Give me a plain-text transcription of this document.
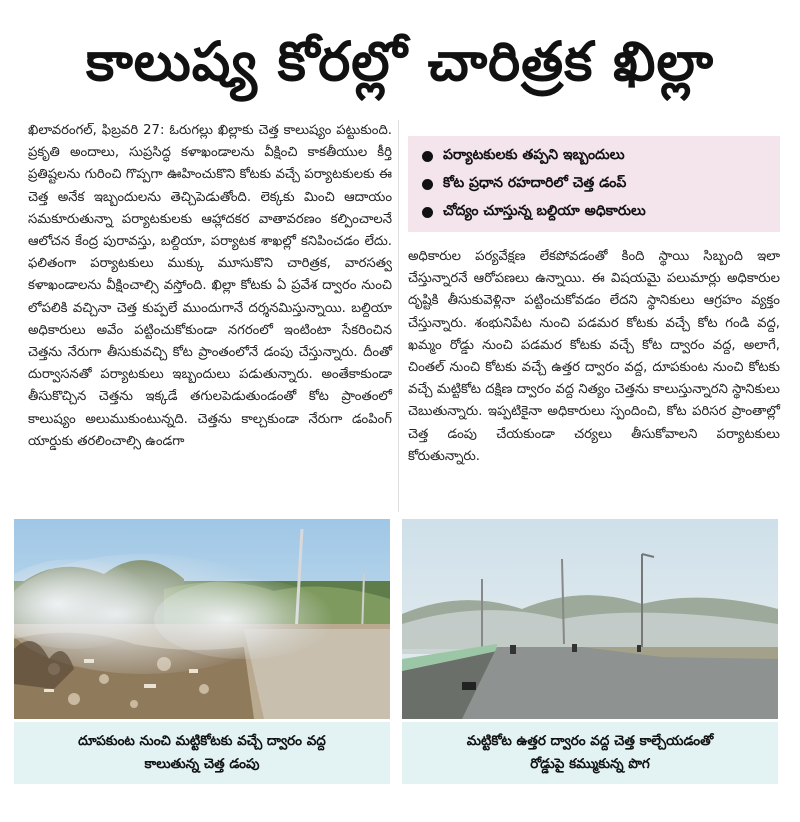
కాలుష్య కోరల్లో చారిత్రక ఖిల్లా

ఖిలావరంగల్, ఫిబ్రవరి 27: ఓరుగల్లు ఖిల్లాకు చెత్త కాలుష్యం పట్టుకుంది. ప్రకృతి అందాలు, సుప్రసిద్ధ కళాఖండాలను వీక్షించి కాకతీయుల కీర్తి ప్రతిష్టలను గురించి గొప్పగా ఊహించుకొని కోటకు వచ్చే పర్యాటకులకు ఈ చెత్త అనేక ఇబ్బందులను తెచ్చిపెడుతోంది. లెక్కకు మించి ఆదాయం సమకూరుతున్నా పర్యాటకులకు ఆహ్లాదకర వాతావరణం కల్పించాలనే ఆలోచన కేంద్ర పురావస్తు, బల్దియా, పర్యాటక శాఖల్లో కనిపించడం లేదు. ఫలితంగా పర్యాటకులు ముక్కు మూసుకొని చారిత్రక, వారసత్వ కళాఖండాలను వీక్షించాల్సి వస్తోంది. ఖిల్లా కోటకు ఏ ప్రవేశ ద్వారం నుంచి లోపలికి వచ్చినా చెత్త కుప్పలే ముందుగానే దర్శనమిస్తున్నాయి. బల్దియా అధికారులు అవేం పట్టించుకోకుండా నగరంలో ఇంటింటా సేకరించిన చెత్తను నేరుగా తీసుకువచ్చి కోట ప్రాంతంలోనే డంపు చేస్తున్నారు. దీంతో దుర్వాసనతో పర్యాటకులు ఇబ్బందులు పడుతున్నారు. అంతేకాకుండా తీసుకొచ్చిన చెత్తను ఇక్కడే తగులపెడుతుండంతో కోట ప్రాంతంలో కాలుష్యం అలుముకుంటున్నది. చెత్తను కాల్చకుండా నేరుగా డంపింగ్ యార్డుకు తరలించాల్సి ఉండగా

పర్యాటకులకు తప్పని ఇబ్బందులు
కోట ప్రధాన రహదారిలో చెత్త డంప్
చోద్యం చూస్తున్న బల్దియా అధికారులు

అధికారుల పర్యవేక్షణ లేకపోవడంతో కింది స్థాయి సిబ్బంది ఇలా చేస్తున్నారనే ఆరోపణలు ఉన్నాయి. ఈ విషయమై పలుమార్లు అధికారుల దృష్టికి తీసుకువెళ్లినా పట్టించుకోవడం లేదని స్థానికులు ఆగ్రహం వ్యక్తం చేస్తున్నారు. శంభునిపేట నుంచి పడమర కోటకు వచ్చే కోట గండి వద్ద, ఖమ్మం రోడ్డు నుంచి పడమర కోటకు వచ్చే కోట ద్వారం వద్ద, అలాగే, చింతల్ నుంచి కోటకు వచ్చే ఉత్తర ద్వారం వద్ద, దూపకుంట నుంచి కోటకు వచ్చే మట్టికోట దక్షిణ ద్వారం వద్ద నిత్యం చెత్తను కాలుస్తున్నారని స్థానికులు చెబుతున్నారు. ఇప్పటికైనా అధికారులు స్పందించి, కోట పరిసర ప్రాంతాల్లో చెత్త డంపు చేయకుండా చర్యలు తీసుకోవాలని పర్యాటకులు కోరుతున్నారు.

దూపకుంట నుంచి మట్టికోటకు వచ్చే ద్వారం వద్ద
కాలుతున్న చెత్త డంపు
మట్టికోట ఉత్తర ద్వారం వద్ద చెత్త కాల్చేయడంతో
రోడ్డుపై కమ్ముకున్న పొగ
